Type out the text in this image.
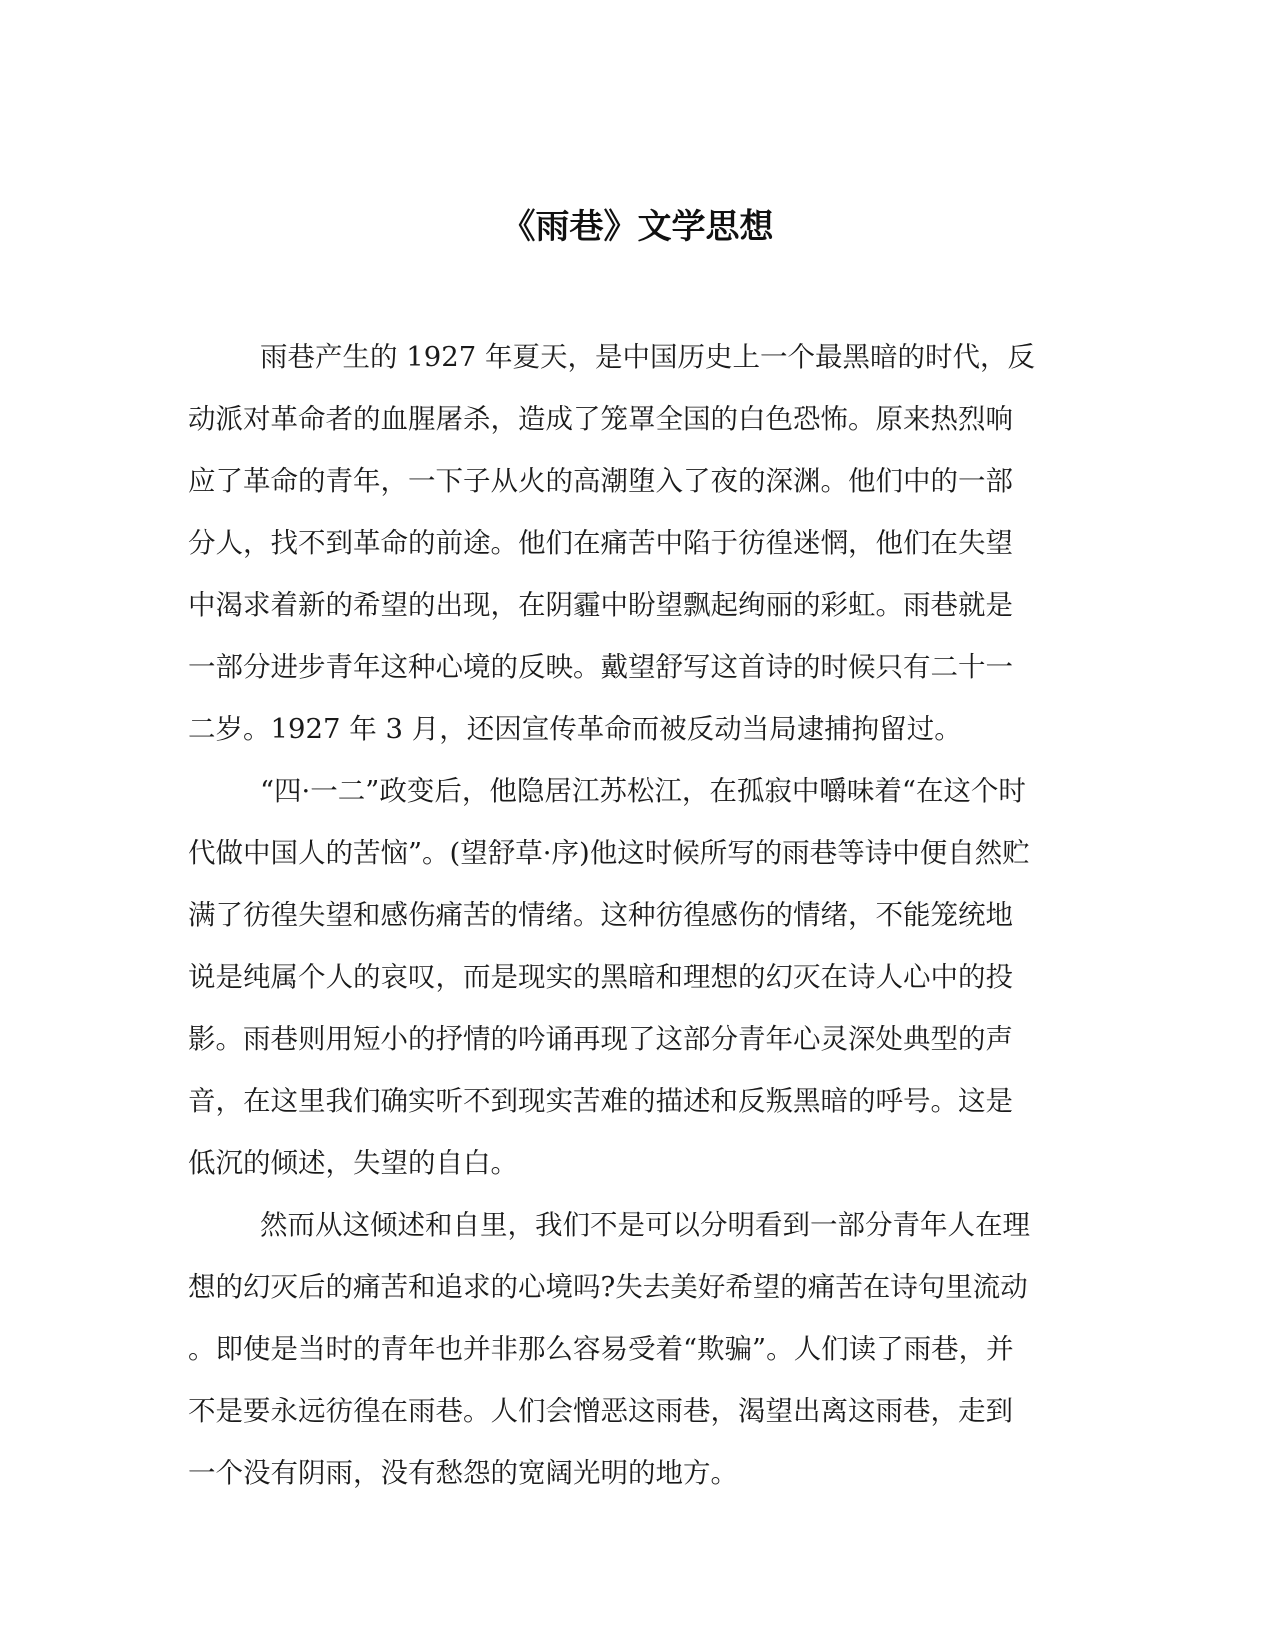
《雨巷》文学思想

雨巷产生的 1927 年夏天，是中国历史上一个最黑暗的时代，反

动派对革命者的血腥屠杀，造成了笼罩全国的白色恐怖。原来热烈响

应了革命的青年，一下子从火的高潮堕入了夜的深渊。他们中的一部

分人，找不到革命的前途。他们在痛苦中陷于彷徨迷惘，他们在失望

中渴求着新的希望的出现，在阴霾中盼望飘起绚丽的彩虹。雨巷就是

一部分进步青年这种心境的反映。戴望舒写这首诗的时候只有二十一

二岁。1927 年 3 月，还因宣传革命而被反动当局逮捕拘留过。

“四·一二”政变后，他隐居江苏松江，在孤寂中嚼味着“在这个时

代做中国人的苦恼”。(望舒草·序)他这时候所写的雨巷等诗中便自然贮

满了彷徨失望和感伤痛苦的情绪。这种彷徨感伤的情绪，不能笼统地

说是纯属个人的哀叹，而是现实的黑暗和理想的幻灭在诗人心中的投

影。雨巷则用短小的抒情的吟诵再现了这部分青年心灵深处典型的声

音，在这里我们确实听不到现实苦难的描述和反叛黑暗的呼号。这是

低沉的倾述，失望的自白。

然而从这倾述和自里，我们不是可以分明看到一部分青年人在理

想的幻灭后的痛苦和追求的心境吗?失去美好希望的痛苦在诗句里流动

。即使是当时的青年也并非那么容易受着“欺骗”。人们读了雨巷，并

不是要永远彷徨在雨巷。人们会憎恶这雨巷，渴望出离这雨巷，走到

一个没有阴雨，没有愁怨的宽阔光明的地方。
